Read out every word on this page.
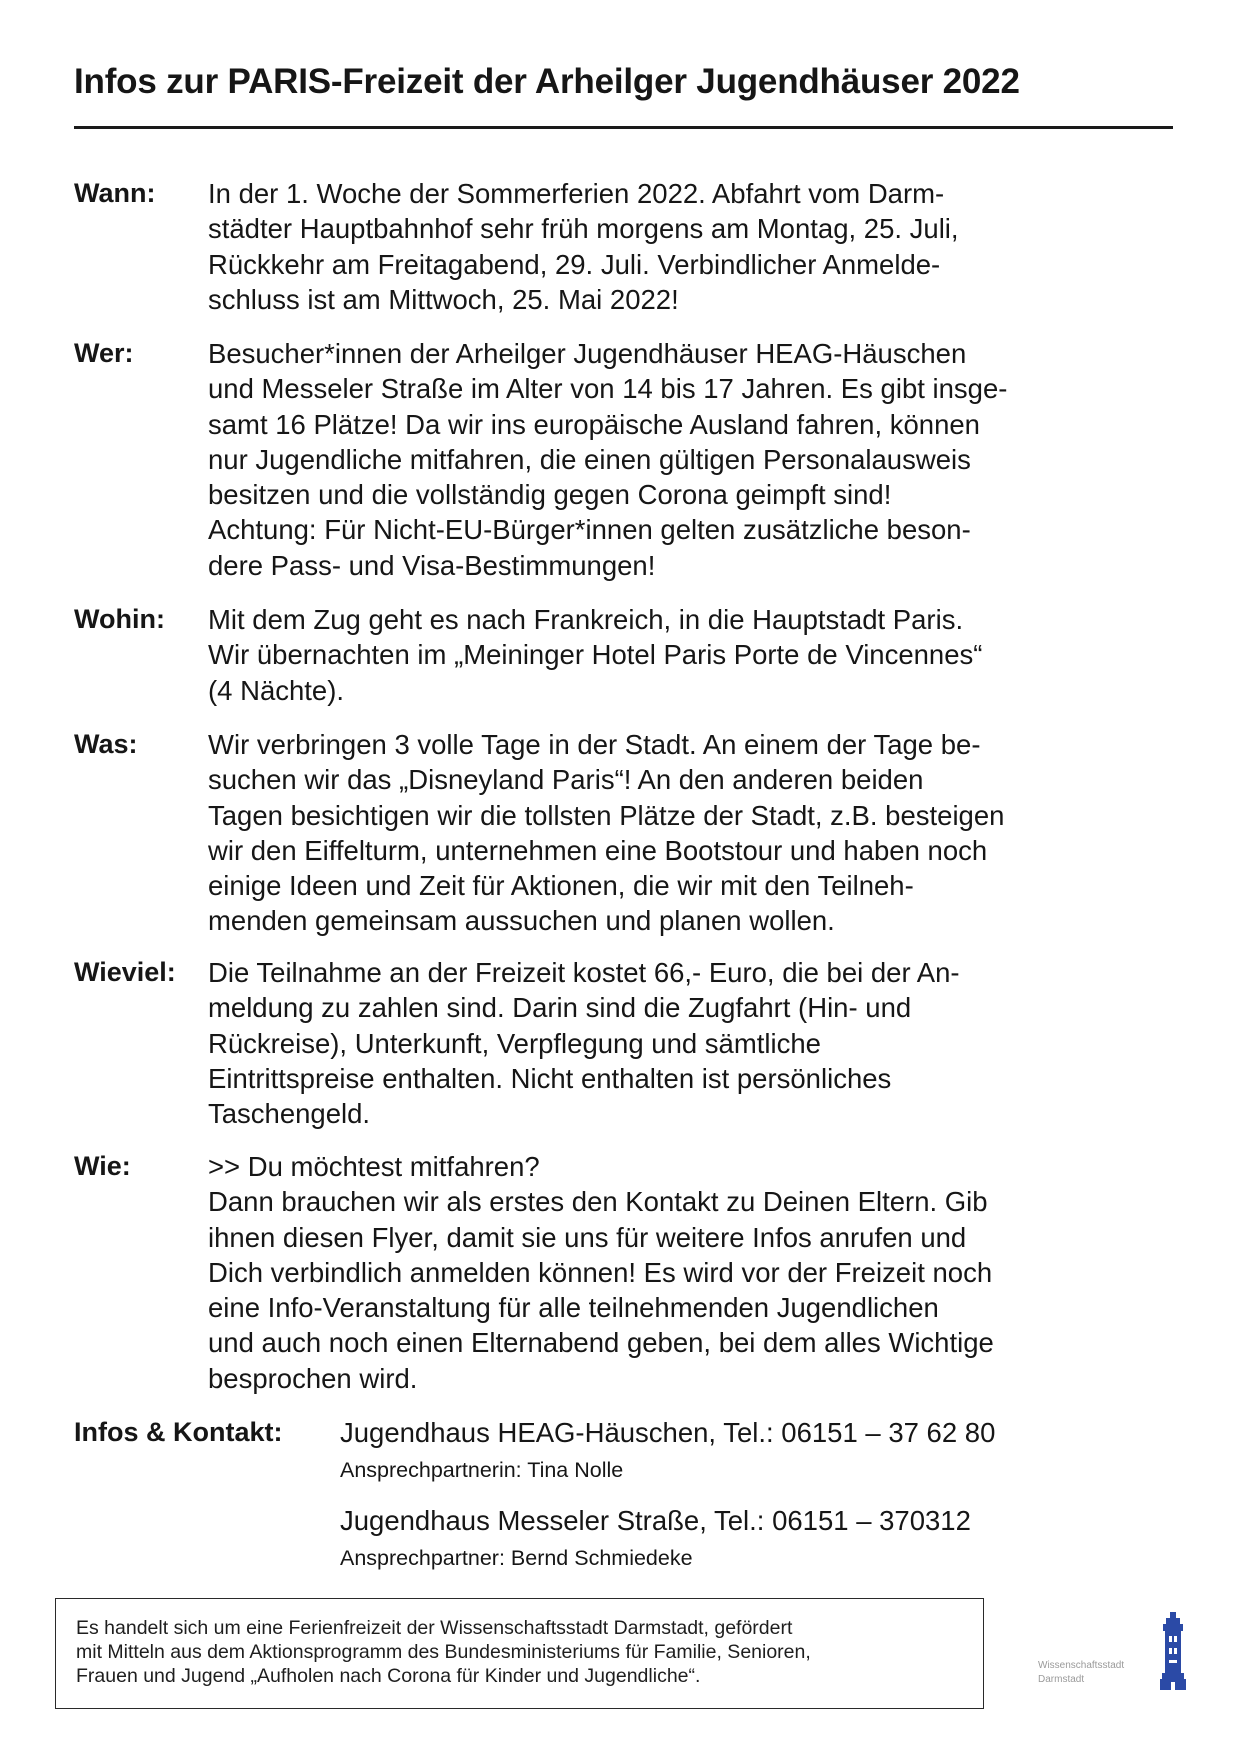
Infos zur PARIS-Freizeit der Arheilger Jugendhäuser 2022
Wann: In der 1. Woche der Sommerferien 2022. Abfahrt vom Darm-
städter Hauptbahnhof sehr früh morgens am Montag, 25. Juli,
Rückkehr am Freitagabend, 29. Juli. Verbindlicher Anmelde-
schluss ist am Mittwoch, 25. Mai 2022!
Wer:	Besucher*innen der Arheilger Jugendhäuser HEAG-Häuschen
und Messeler Straße im Alter von 14 bis 17 Jahren. Es gibt insge-
samt 16 Plätze! Da wir ins europäische Ausland fahren, können
nur Jugendliche mitfahren, die einen gültigen Personalausweis
besitzen und die vollständig gegen Corona geimpft sind!
Achtung: Für Nicht-EU-Bürger*innen gelten zusätzliche beson-
dere Pass- und Visa-Bestimmungen!
Wohin: Mit dem Zug geht es nach Frankreich, in die Hauptstadt Paris.
Wir übernachten im „Meininger Hotel Paris Porte de Vincennes“
(4 Nächte).
Was:	Wir verbringen 3 volle Tage in der Stadt. An einem der Tage be-
suchen wir das „Disneyland Paris“! An den anderen beiden
Tagen besichtigen wir die tollsten Plätze der Stadt, z.B. besteigen
wir den Eiffelturm, unternehmen eine Bootstour und haben noch
einige Ideen und Zeit für Aktionen, die wir mit den Teilneh-
menden gemeinsam aussuchen und planen wollen.
Wieviel: Die Teilnahme an der Freizeit kostet 66,- Euro, die bei der An-
meldung zu zahlen sind. Darin sind die Zugfahrt (Hin- und
Rückreise), Unterkunft, Verpflegung und sämtliche
Eintrittspreise enthalten. Nicht enthalten ist persönliches
Taschengeld.
Wie:	>> Du möchtest mitfahren?
Dann brauchen wir als erstes den Kontakt zu Deinen Eltern. Gib
ihnen diesen Flyer, damit sie uns für weitere Infos anrufen und
Dich verbindlich anmelden können! Es wird vor der Freizeit noch
eine Info-Veranstaltung für alle teilnehmenden Jugendlichen
und auch noch einen Elternabend geben, bei dem alles Wichtige
besprochen wird.
Infos & Kontakt: Jugendhaus HEAG-Häuschen, Tel.: 06151 – 37 62 80
Ansprechpartnerin: Tina Nolle
Jugendhaus Messeler Straße, Tel.: 06151 – 370312
Ansprechpartner: Bernd Schmiedeke
Es handelt sich um eine Ferienfreizeit der Wissenschaftsstadt Darmstadt, gefördert
mit Mitteln aus dem Aktionsprogramm des Bundesministeriums für Familie, Senioren,
Frauen und Jugend „Aufholen nach Corona für Kinder und Jugendliche“.	Wissenschaftsstadt
Darmstadt
